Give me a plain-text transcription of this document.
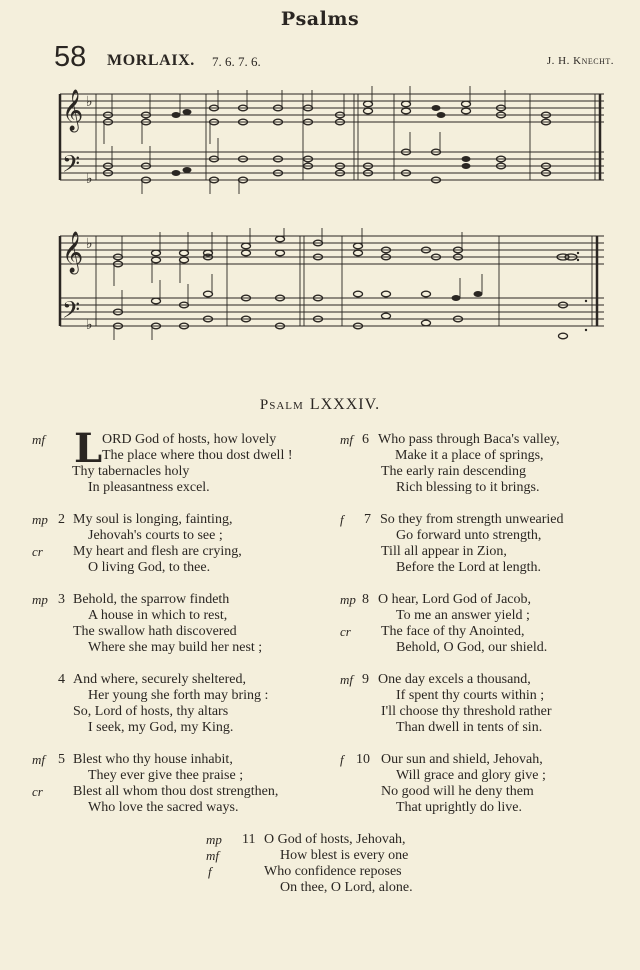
Psalms
58 MORLAIX. 7. 6. 7. 6.	J. H. Knecht.
𝄞
𝄢
♭
♭
𝄞
𝄢
♭
♭
Psalm LXXXIV.
L
mf	ORD God of hosts, how lovely
The place where thou dost dwell !
Thy tabernacles holy
In pleasantness excel.
mp 2
cr
My soul is longing, fainting,
Jehovah's courts to see ;
My heart and flesh are crying,
O living God, to thee.
mp 3 Behold, the sparrow findeth
A house in which to rest,
The swallow hath discovered
Where she may build her nest ;
4 And where, securely sheltered,
Her young she forth may bring :
So, Lord of hosts, thy altars
I seek, my God, my King.
mf 5
cr
Blest who thy house inhabit,
They ever give thee praise ;
Blest all whom thou dost strengthen,
Who love the sacred ways.
mf 6 Who pass through Baca's valley,
Make it a place of springs,
The early rain descending
Rich blessing to it brings.
f 7 So they from strength unwearied
Go forward unto strength,
Till all appear in Zion,
Before the Lord at length.
mp 8
cr
O hear, Lord God of Jacob,
To me an answer yield ;
The face of thy Anointed,
Behold, O God, our shield.
mf 9 One day excels a thousand,
If spent thy courts within ;
I'll choose thy threshold rather
Than dwell in tents of sin.
f 10 Our sun and shield, Jehovah,
Will grace and glory give ;
No good will he deny them
That uprightly do live.
mp
mf
f
11 O God of hosts, Jehovah,
How blest is every one
Who confidence reposes
On thee, O Lord, alone.
